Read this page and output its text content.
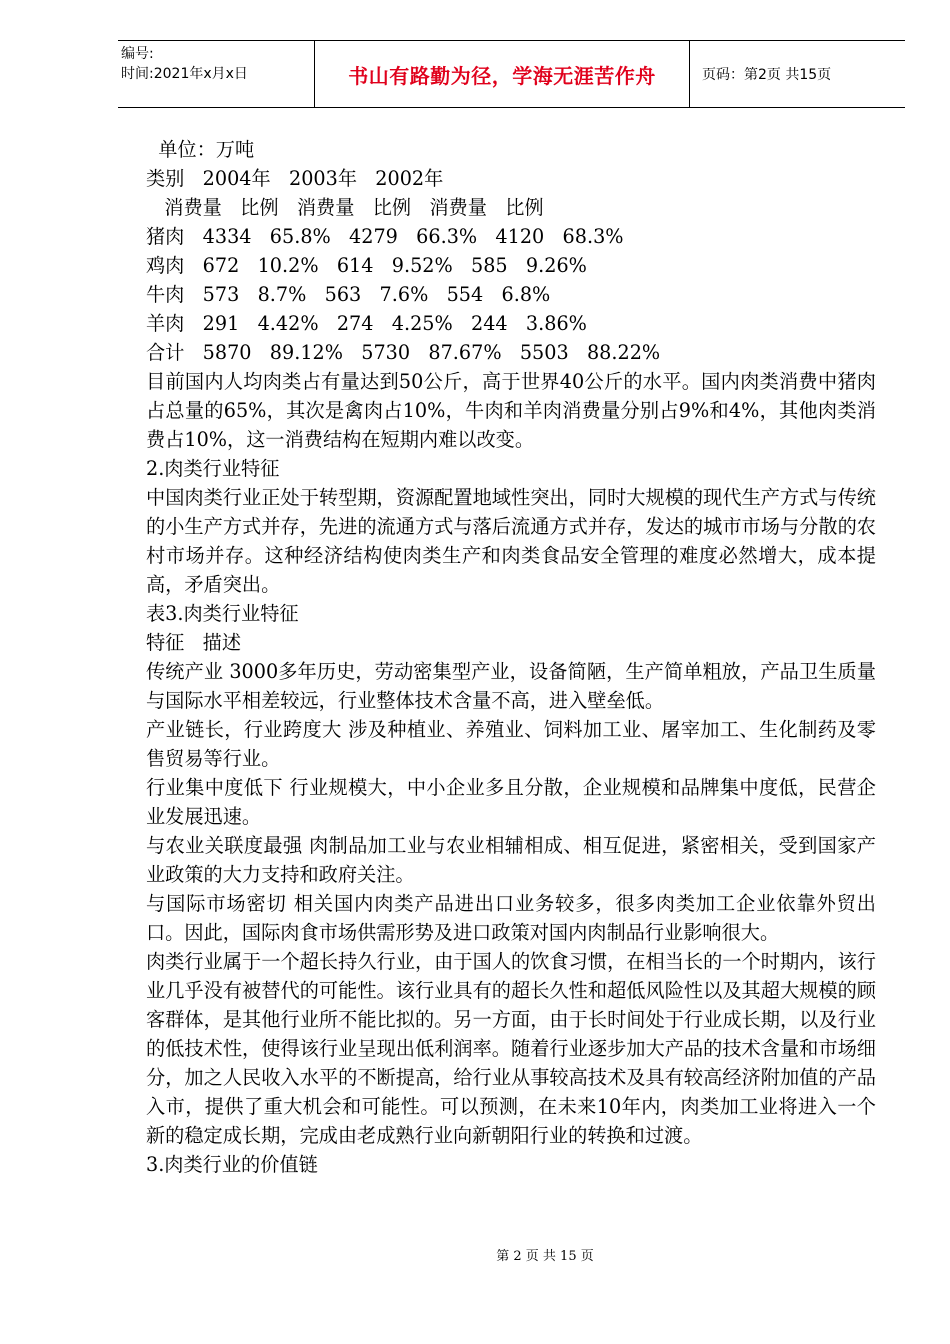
编号:
时间:2021年x月x日	书山有路勤为径，学海无涯苦作舟	页码：第2页 共15页
单位：万吨
类别   2004年   2003年   2002年
消费量   比例   消费量   比例   消费量   比例
猪肉   4334   65.8%   4279   66.3%   4120   68.3%
鸡肉   672   10.2%   614   9.52%   585   9.26%
牛肉   573   8.7%   563   7.6%   554   6.8%
羊肉   291   4.42%   274   4.25%   244   3.86%
合计   5870   89.12%   5730   87.67%   5503   88.22%
目前国内人均肉类占有量达到50公斤，高于世界40公斤的水平。国内肉类消费中猪肉占总量的65%，其次是禽肉占10%，牛肉和羊肉消费量分别占9%和4%，其他肉类消费占10%，这一消费结构在短期内难以改变。
2.肉类行业特征
中国肉类行业正处于转型期，资源配置地域性突出，同时大规模的现代生产方式与传统的小生产方式并存，先进的流通方式与落后流通方式并存，发达的城市市场与分散的农村市场并存。这种经济结构使肉类生产和肉类食品安全管理的难度必然增大，成本提高，矛盾突出。
表3.肉类行业特征
特征   描述
传统产业 3000多年历史，劳动密集型产业，设备简陋，生产简单粗放，产品卫生质量与国际水平相差较远，行业整体技术含量不高，进入壁垒低。
产业链长，行业跨度大 涉及种植业、养殖业、饲料加工业、屠宰加工、生化制药及零售贸易等行业。
行业集中度低下 行业规模大，中小企业多且分散，企业规模和品牌集中度低，民营企业发展迅速。
与农业关联度最强 肉制品加工业与农业相辅相成、相互促进，紧密相关，受到国家产业政策的大力支持和政府关注。
与国际市场密切 相关国内肉类产品进出口业务较多，很多肉类加工企业依靠外贸出口。因此，国际肉食市场供需形势及进口政策对国内肉制品行业影响很大。
肉类行业属于一个超长持久行业，由于国人的饮食习惯，在相当长的一个时期内，该行业几乎没有被替代的可能性。该行业具有的超长久性和超低风险性以及其超大规模的顾客群体，是其他行业所不能比拟的。另一方面，由于长时间处于行业成长期，以及行业的低技术性，使得该行业呈现出低利润率。随着行业逐步加大产品的技术含量和市场细分，加之人民收入水平的不断提高，给行业从事较高技术及具有较高经济附加值的产品入市，提供了重大机会和可能性。可以预测，在未来10年内，肉类加工业将进入一个新的稳定成长期，完成由老成熟行业向新朝阳行业的转换和过渡。
3.肉类行业的价值链
第 2 页 共 15 页
